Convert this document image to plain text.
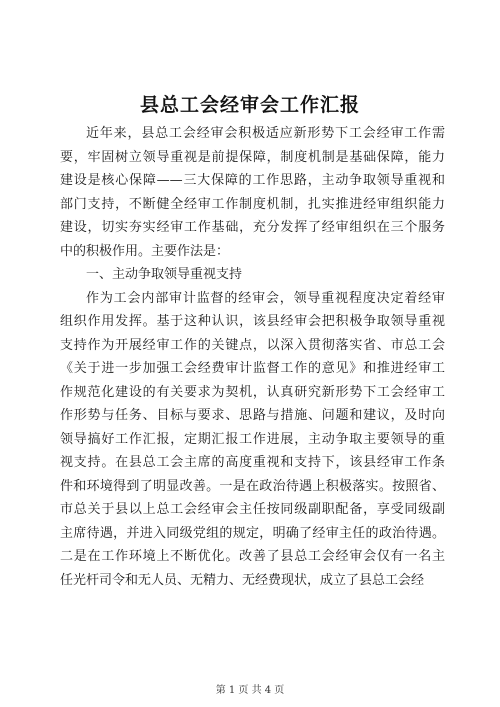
县总工会经审会工作汇报
近年来，县总工会经审会积极适应新形势下工会经审工作需
要，牢固树立领导重视是前提保障，制度机制是基础保障，能力
建设是核心保障——三大保障的工作思路，主动争取领导重视和
部门支持，不断健全经审工作制度机制，扎实推进经审组织能力
建设，切实夯实经审工作基础，充分发挥了经审组织在三个服务
中的积极作用。主要作法是：
一、主动争取领导重视支持
作为工会内部审计监督的经审会，领导重视程度决定着经审
组织作用发挥。基于这种认识，该县经审会把积极争取领导重视
支持作为开展经审工作的关键点，以深入贯彻落实省、市总工会
《关于进一步加强工会经费审计监督工作的意见》和推进经审工
作规范化建设的有关要求为契机，认真研究新形势下工会经审工
作形势与任务、目标与要求、思路与措施、问题和建议，及时向
领导搞好工作汇报，定期汇报工作进展，主动争取主要领导的重
视支持。在县总工会主席的高度重视和支持下，该县经审工作条
件和环境得到了明显改善。一是在政治待遇上积极落实。按照省、
市总关于县以上总工会经审会主任按同级副职配备，享受同级副
主席待遇，并进入同级党组的规定，明确了经审主任的政治待遇。
二是在工作环境上不断优化。改善了县总工会经审会仅有一名主
任光杆司令和无人员、无精力、无经费现状，成立了县总工会经
第 1 页 共 4 页
